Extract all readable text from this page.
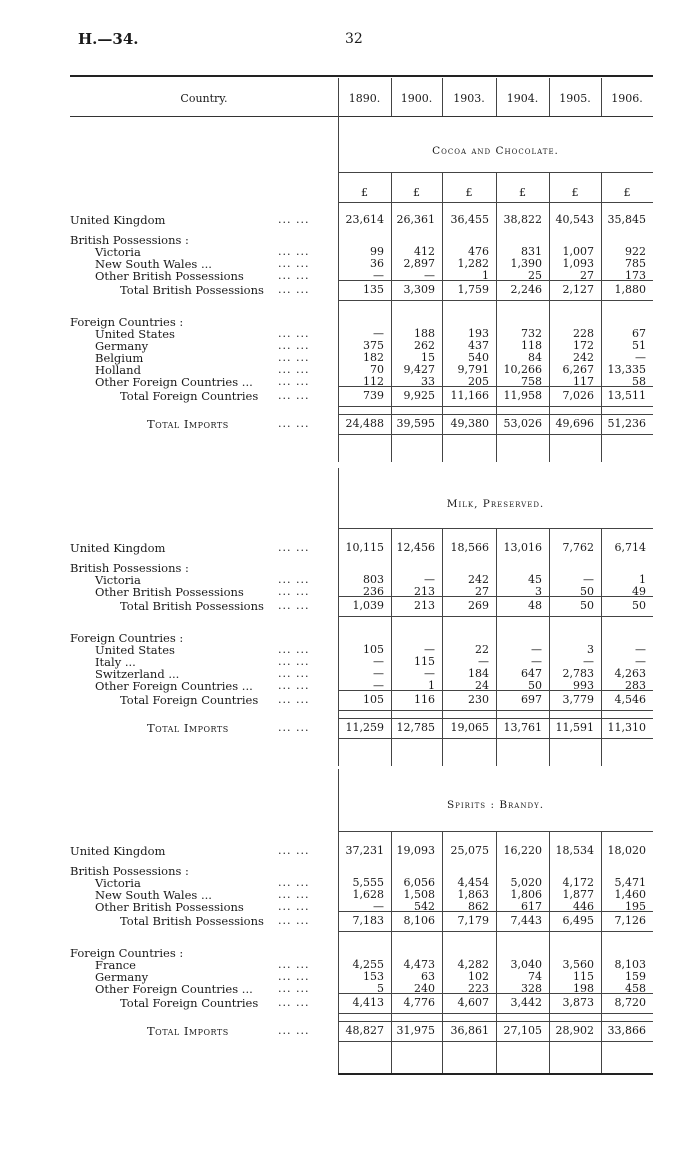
H.—34.	32
Country.	1890.	1900.	1903.	1904.	1905.	1906.
Cocoa and Chocolate.
£	£	£	£	£	£
United Kingdom	... ...	23,614	26,361	36,455	38,822	40,543	35,845
British Possessions :
Victoria	... ...	99	412	476	831	1,007	922
New South Wales ...	... ...	36	2,897	1,282	1,390	1,093	785
Other British Possessions	... ...	—	—	1	25	27	173
Total British Possessions ... ...	135	3,309	1,759	2,246	2,127	1,880
Foreign Countries :
United States	... ...	—	188	193	732	228	67
Germany	... ...	375	262	437	118	172	51
Belgium	... ...	182	15	540	84	242	—
Holland	... ...	70	9,427	9,791	10,266	6,267	13,335
Other Foreign Countries ... ... ...	112	33	205	758	117	58
Total Foreign Countries ... ...	739	9,925	11,166	11,958	7,026	13,511
Total Imports	... ...	24,488	39,595	49,380	53,026	49,696	51,236
Milk, Preserved.
United Kingdom	... ...	10,115	12,456	18,566	13,016	7,762	6,714
British Possessions :
Victoria	... ...	803	—	242	45	—	1
Other British Possessions	... ...	236	213	27	3	50	49
Total British Possessions ... ...	1,039	213	269	48	50	50
Foreign Countries :
United States	... ...	105	—	22	—	3	—
Italy ...	... ...	—	115	—	—	—	—
Switzerland ...	... ...	—	—	184	647	2,783	4,263
Other Foreign Countries ... ... ...	—	1	24	50	993	283
Total Foreign Countries ... ...	105	116	230	697	3,779	4,546
Total Imports	... ...	11,259	12,785	19,065	13,761	11,591	11,310
Spirits : Brandy.
United Kingdom	... ...	37,231	19,093	25,075	16,220	18,534	18,020
British Possessions :
Victoria	... ...	5,555	6,056	4,454	5,020	4,172	5,471
New South Wales ...	... ...	1,628	1,508	1,863	1,806	1,877	1,460
Other British Possessions	... ...	—	542	862	617	446	195
Total British Possessions ... ...	7,183	8,106	7,179	7,443	6,495	7,126
Foreign Countries :
France	... ...	4,255	4,473	4,282	3,040	3,560	8,103
Germany	... ...	153	63	102	74	115	159
Other Foreign Countries ... ... ...	5	240	223	328	198	458
Total Foreign Countries ... ...	4,413	4,776	4,607	3,442	3,873	8,720
Total Imports	... ...	48,827	31,975	36,861	27,105	28,902	33,866
